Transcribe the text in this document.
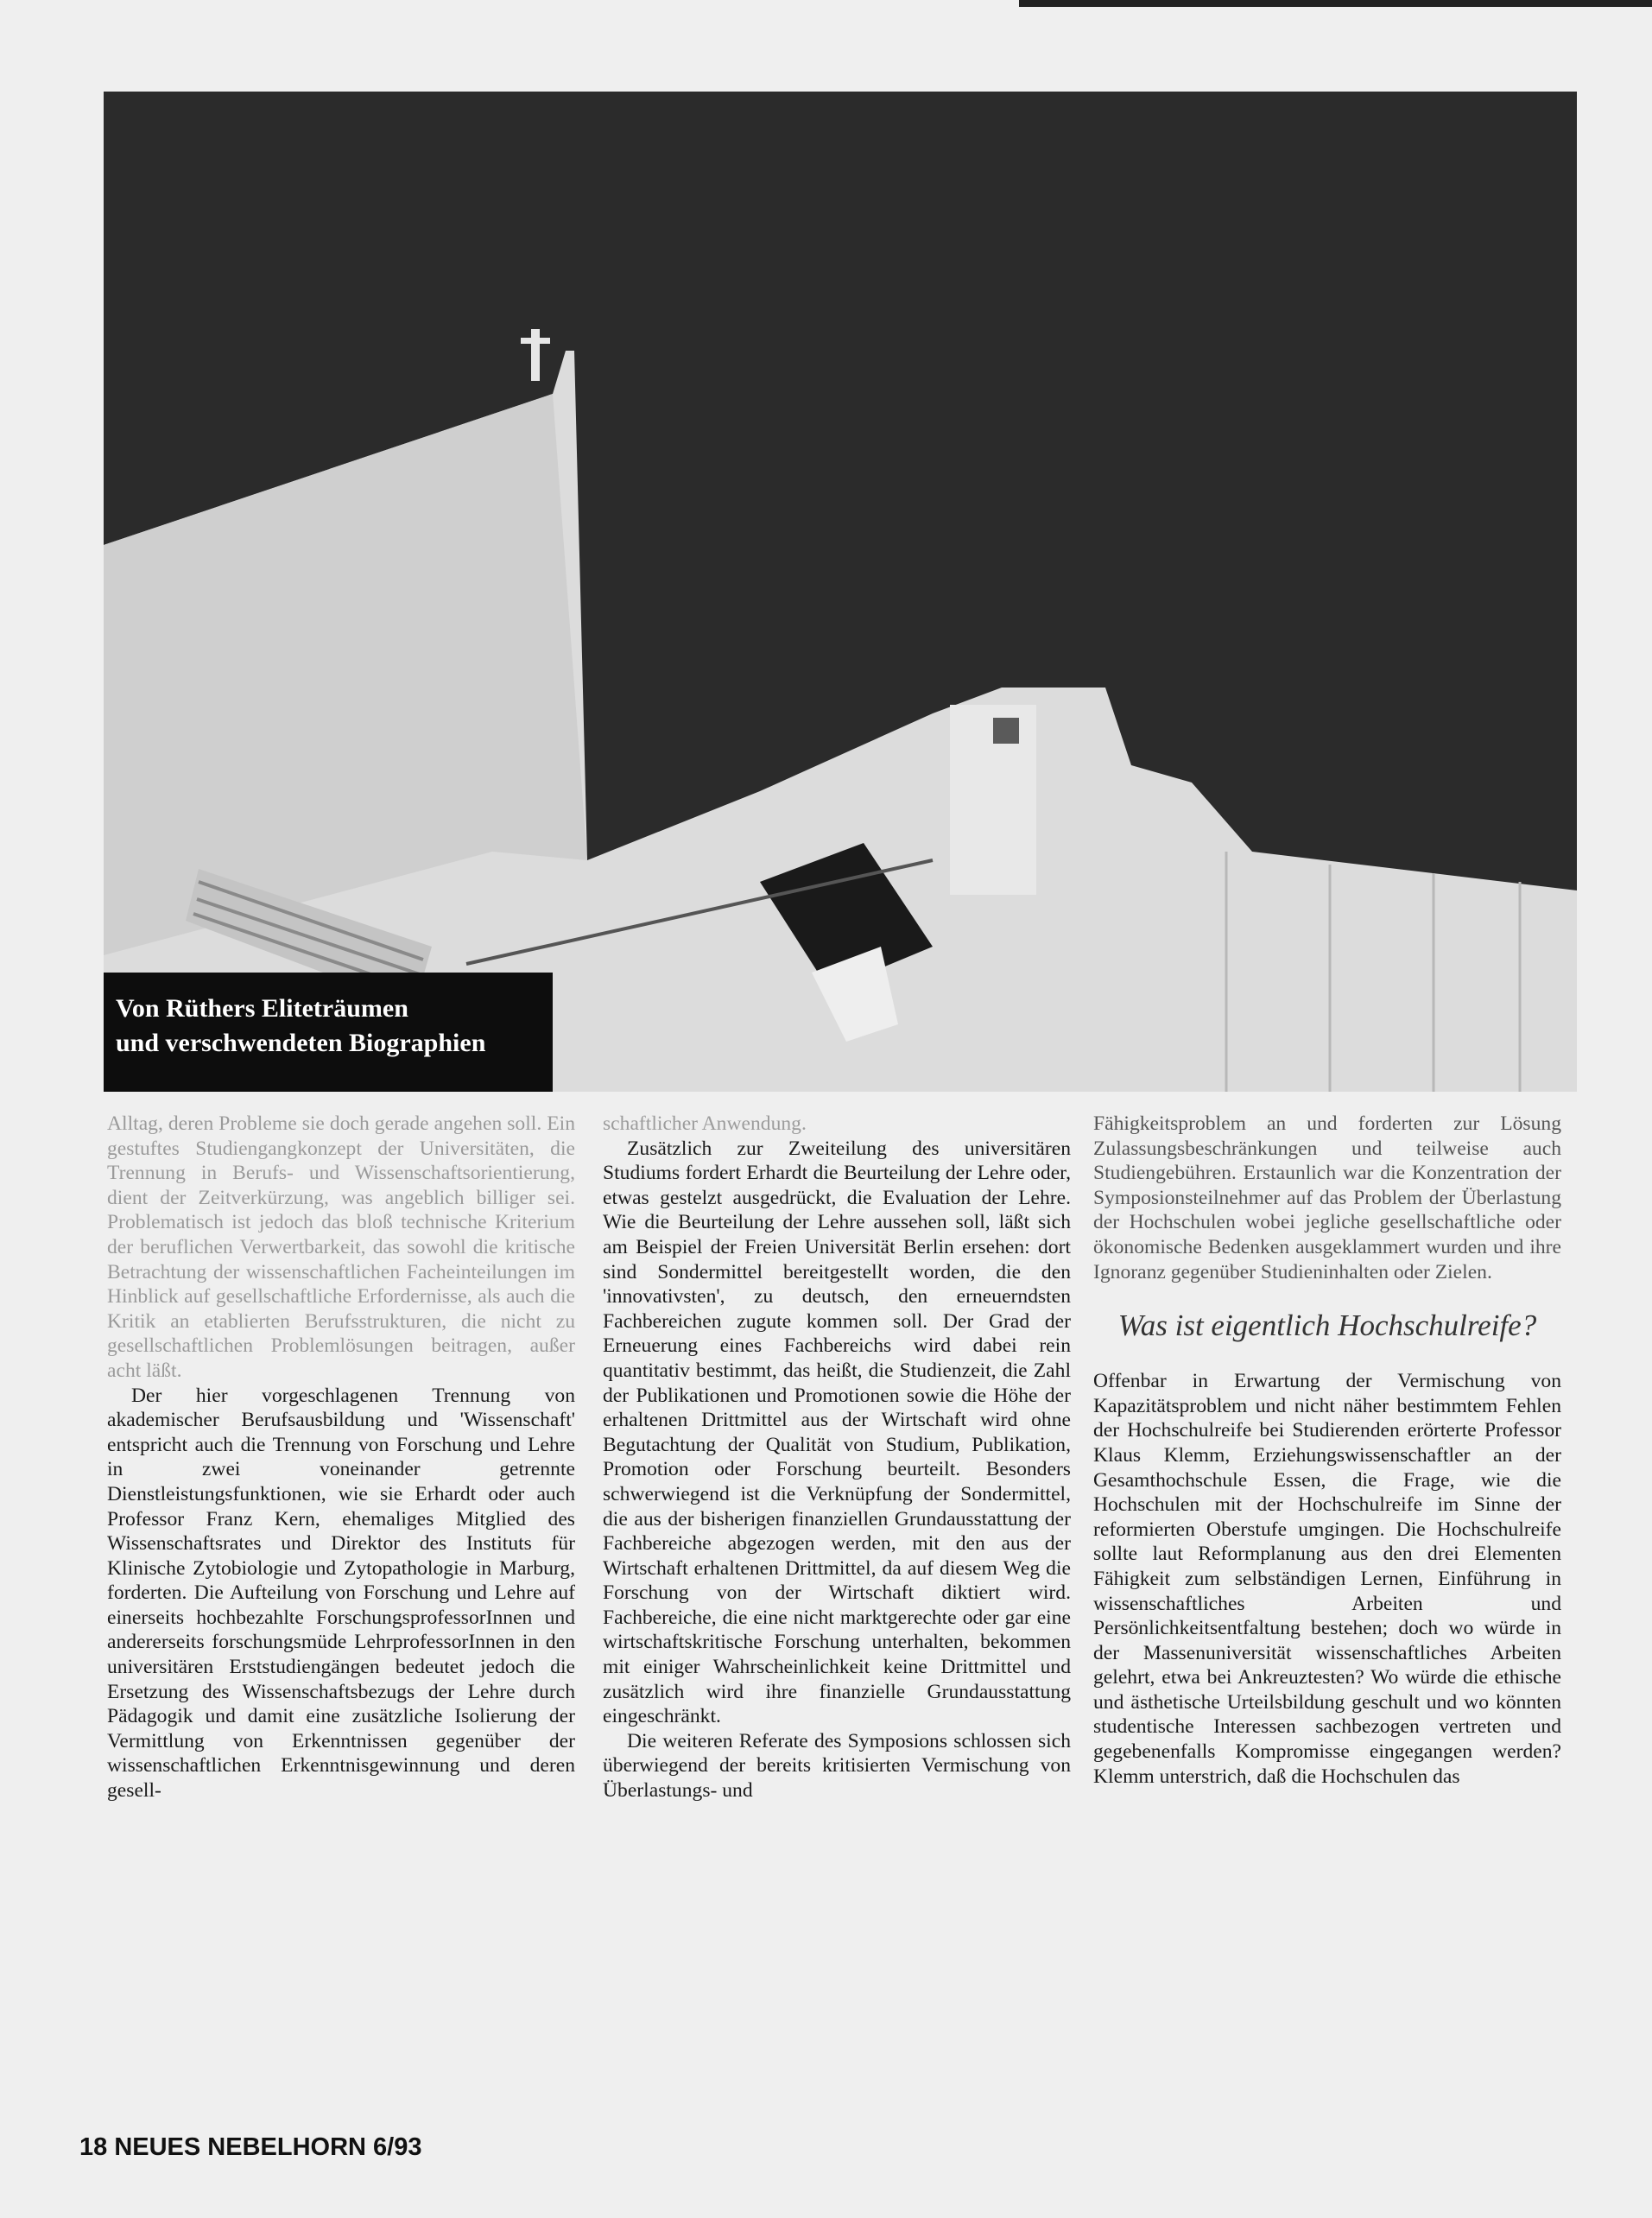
Von Rüthers Eliteträumen
und verschwendeten Biographien

Alltag, deren Probleme sie doch gerade angehen soll. Ein gestuftes Studiengangkonzept der Universitäten, die Trennung in Berufs- und Wissenschaftsorientierung, dient der Zeitverkürzung, was angeblich billiger sei. Problematisch ist jedoch das bloß technische Kriterium der beruflichen Verwertbarkeit, das sowohl die kritische Betrachtung der wissenschaftlichen Facheinteilungen im Hinblick auf gesellschaftliche Erfordernisse, als auch die Kritik an etablierten Berufsstrukturen, die nicht zu gesellschaftlichen Problemlösungen beitragen, außer acht läßt.

Der hier vorgeschlagenen Trennung von akademischer Berufsausbildung und 'Wissenschaft' entspricht auch die Trennung von Forschung und Lehre in zwei voneinander getrennte Dienstleistungsfunktionen, wie sie Erhardt oder auch Professor Franz Kern, ehemaliges Mitglied des Wissenschaftsrates und Direktor des Instituts für Klinische Zytobiologie und Zytopathologie in Marburg, forderten. Die Aufteilung von Forschung und Lehre auf einerseits hochbezahlte ForschungsprofessorInnen und andererseits forschungsmüde LehrprofessorInnen in den universitären Erststudiengängen bedeutet jedoch die Ersetzung des Wissenschaftsbezugs der Lehre durch Pädagogik und damit eine zusätzliche Isolierung der Vermittlung von Erkenntnissen gegenüber der wissenschaftlichen Erkenntnisgewinnung und deren gesell-

schaftlicher Anwendung.

Zusätzlich zur Zweiteilung des universitären Studiums fordert Erhardt die Beurteilung der Lehre oder, etwas gestelzt ausgedrückt, die Evaluation der Lehre. Wie die Beurteilung der Lehre aussehen soll, läßt sich am Beispiel der Freien Universität Berlin ersehen: dort sind Sondermittel bereitgestellt worden, die den 'innovativsten', zu deutsch, den erneuerndsten Fachbereichen zugute kommen soll. Der Grad der Erneuerung eines Fachbereichs wird dabei rein quantitativ bestimmt, das heißt, die Studienzeit, die Zahl der Publikationen und Promotionen sowie die Höhe der erhaltenen Drittmittel aus der Wirtschaft wird ohne Begutachtung der Qualität von Studium, Publikation, Promotion oder Forschung beurteilt. Besonders schwerwiegend ist die Verknüpfung der Sondermittel, die aus der bisherigen finanziellen Grundausstattung der Fachbereiche abgezogen werden, mit den aus der Wirtschaft erhaltenen Drittmittel, da auf diesem Weg die Forschung von der Wirtschaft diktiert wird. Fachbereiche, die eine nicht marktgerechte oder gar eine wirtschaftskritische Forschung unterhalten, bekommen mit einiger Wahrscheinlichkeit keine Drittmittel und zusätzlich wird ihre finanzielle Grundausstattung eingeschränkt.

Die weiteren Referate des Symposions schlossen sich überwiegend der bereits kritisierten Vermischung von Überlastungs- und

Fähigkeitsproblem an und forderten zur Lösung Zulassungsbeschränkungen und teilweise auch Studiengebühren. Erstaunlich war die Konzentration der Symposionsteilnehmer auf das Problem der Überlastung der Hochschulen wobei jegliche gesellschaftliche oder ökonomische Bedenken ausgeklammert wurden und ihre Ignoranz gegenüber Studieninhalten oder Zielen.

Was ist eigentlich Hochschulreife?

Offenbar in Erwartung der Vermischung von Kapazitätsproblem und nicht näher bestimmtem Fehlen der Hochschulreife bei Studierenden erörterte Professor Klaus Klemm, Erziehungswissenschaftler an der Gesamthochschule Essen, die Frage, wie die Hochschulen mit der Hochschulreife im Sinne der reformierten Oberstufe umgingen. Die Hochschulreife sollte laut Reformplanung aus den drei Elementen Fähigkeit zum selbständigen Lernen, Einführung in wissenschaftliches Arbeiten und Persönlichkeitsentfaltung bestehen; doch wo würde in der Massenuniversität wissenschaftliches Arbeiten gelehrt, etwa bei Ankreuztesten? Wo würde die ethische und ästhetische Urteilsbildung geschult und wo könnten studentische Interessen sachbezogen vertreten und gegebenenfalls Kompromisse eingegangen werden? Klemm unterstrich, daß die Hochschulen das

18 NEUES NEBELHORN 6/93
